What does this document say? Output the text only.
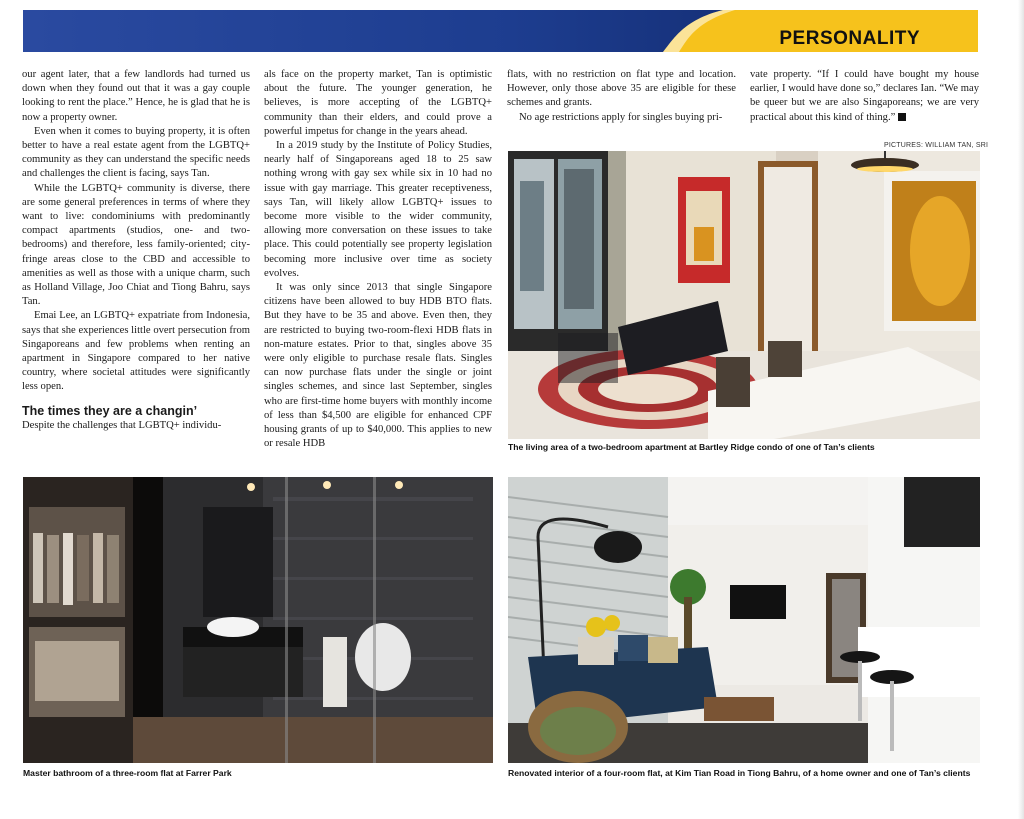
PERSONALITY

our agent later, that a few landlords had turned us down when they found out that it was a gay couple looking to rent the place.” Hence, he is glad that he is now a property owner.

Even when it comes to buying property, it is often better to have a real estate agent from the LGBTQ+ community as they can understand the specific needs and challenges the client is facing, says Tan.

While the LGBTQ+ community is diverse, there are some general preferences in terms of where they want to live: condominiums with predominantly compact apartments (studios, one- and two-bedrooms) and therefore, less family-oriented; city-fringe areas close to the CBD and accessible to amenities as well as those with a unique charm, such as Holland Village, Joo Chiat and Tiong Bahru, says Tan.

Emai Lee, an LGBTQ+ expatriate from Indonesia, says that she experiences little overt persecution from Singaporeans and few problems when renting an apartment in Singapore compared to her native country, where societal attitudes were significantly less open.

The times they are a changin’

Despite the challenges that LGBTQ+ individu-

als face on the property market, Tan is optimistic about the future. The younger generation, he believes, is more accepting of the LGBTQ+ community than their elders, and could prove a powerful impetus for change in the years ahead.

In a 2019 study by the Institute of Policy Studies, nearly half of Singaporeans aged 18 to 25 saw nothing wrong with gay sex while six in 10 had no issue with gay marriage. This greater receptiveness, says Tan, will likely allow LGBTQ+ issues to become more visible to the wider community, allowing more conversation on these issues to take place. This could potentially see property legislation becoming more inclusive over time as society evolves.

It was only since 2013 that single Singapore citizens have been allowed to buy HDB BTO flats. But they have to be 35 and above. Even then, they are restricted to buying two-room-flexi HDB flats in non-mature estates. Prior to that, singles above 35 were only eligible to purchase resale flats. Singles can now purchase flats under the single or joint singles schemes, and since last September, singles who are first-time home buyers with monthly income of less than $4,500 are eligible for enhanced CPF housing grants of up to $40,000. This applies to new or resale HDB

flats, with no restriction on flat type and location. However, only those above 35 are eligible for these schemes and grants.

No age restrictions apply for singles buying pri-

vate property. “If I could have bought my house earlier, I would have done so,” declares Ian. “We may be queer but we are also Singaporeans; we are very practical about this kind of thing.”

PICTURES: WILLIAM TAN, SRI
The living area of a two-bedroom apartment at Bartley Ridge condo of one of Tan’s clients
Master bathroom of a three-room flat at Farrer Park	Renovated interior of a four-room flat, at Kim Tian Road in Tiong Bahru, of a home owner and one of Tan’s clients
